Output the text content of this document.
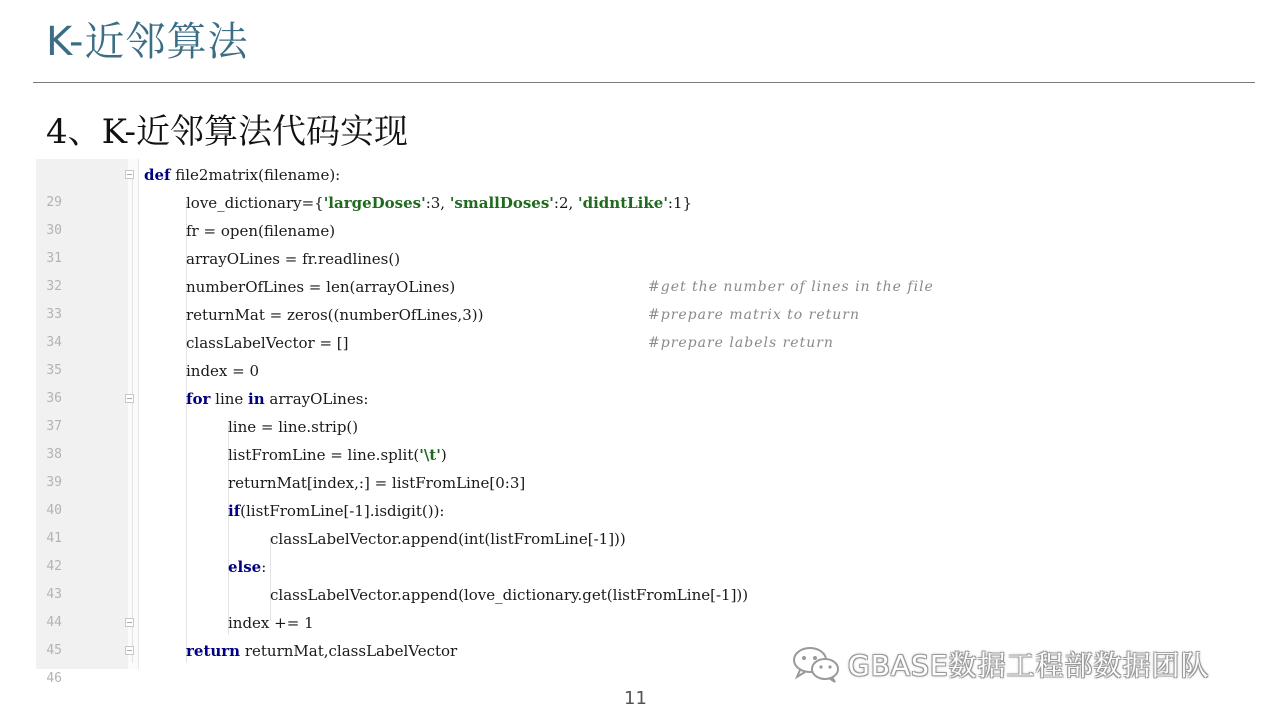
K-近邻算法
4、K-近邻算法代码实现

29

def file2matrix(filename):

30

love_dictionary={'largeDoses':3, 'smallDoses':2, 'didntLike':1}

31

fr = open(filename)

32

arrayOLines = fr.readlines()

33

numberOfLines = len(arrayOLines)

	#get the number of lines in the file

34

returnMat = zeros((numberOfLines,3))

	#prepare matrix to return

35

classLabelVector = []

	#prepare labels return

36

index = 0

37

for line in arrayOLines:

38

line = line.strip()

39

listFromLine = line.split('\t')

40

returnMat[index,:] = listFromLine[0:3]

41

if(listFromLine[-1].isdigit()):

42

classLabelVector.append(int(listFromLine[-1]))

43

else:

44

classLabelVector.append(love_dictionary.get(listFromLine[-1]))

45

index += 1

46

return returnMat,classLabelVector

	GBASE数据工程部数据团队
11
